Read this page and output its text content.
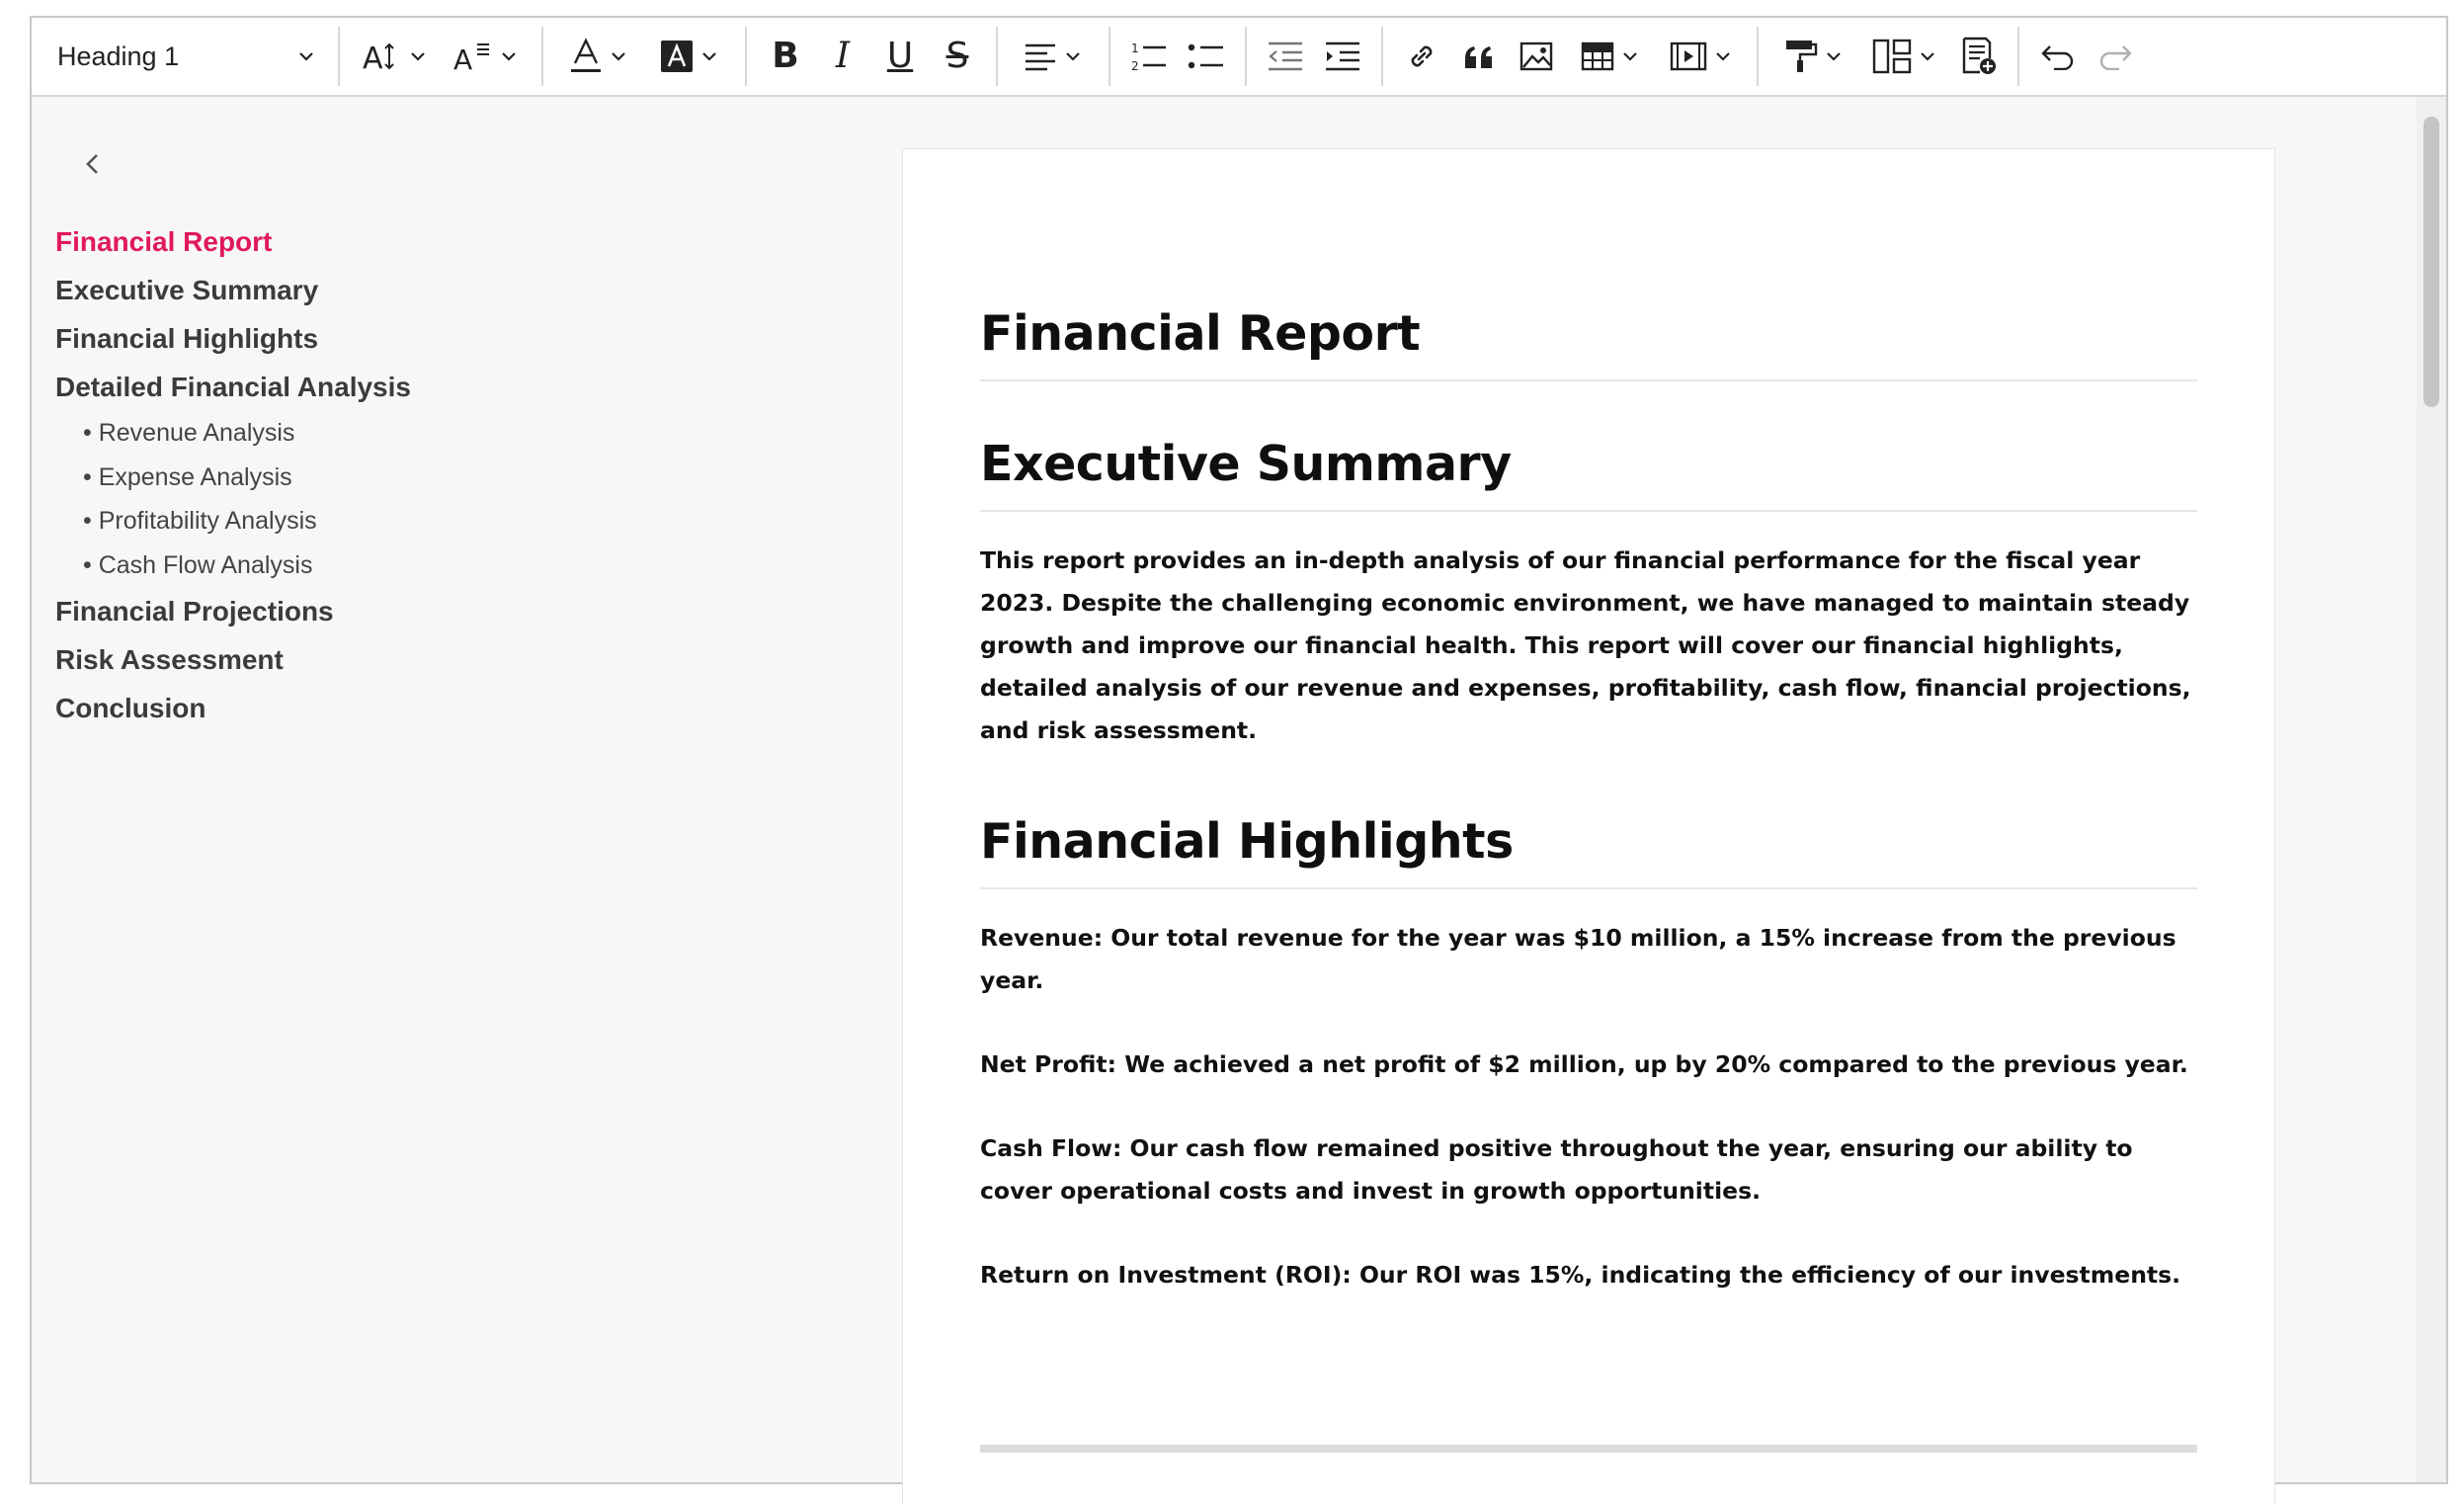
Heading 1	A	A	B I U S	1
2
Financial Report
Executive Summary
Financial Highlights
Detailed Financial Analysis
• Revenue Analysis
• Expense Analysis
• Profitability Analysis
• Cash Flow Analysis
Financial Projections
Risk Assessment
Conclusion
Financial Report
Executive Summary

This report provides an in-depth analysis of our financial performance for the fiscal year 2023. Despite the challenging economic environment, we have managed to maintain steady growth and improve our financial health. This report will cover our financial highlights, detailed analysis of our revenue and expenses, profitability, cash flow, financial projections, and risk assessment.

Financial Highlights

Revenue: Our total revenue for the year was $10 million, a 15% increase from the previous year.

Net Profit: We achieved a net profit of $2 million, up by 20% compared to the previous year.

Cash Flow: Our cash flow remained positive throughout the year, ensuring our ability to cover operational costs and invest in growth opportunities.

Return on Investment (ROI): Our ROI was 15%, indicating the efficiency of our investments.
